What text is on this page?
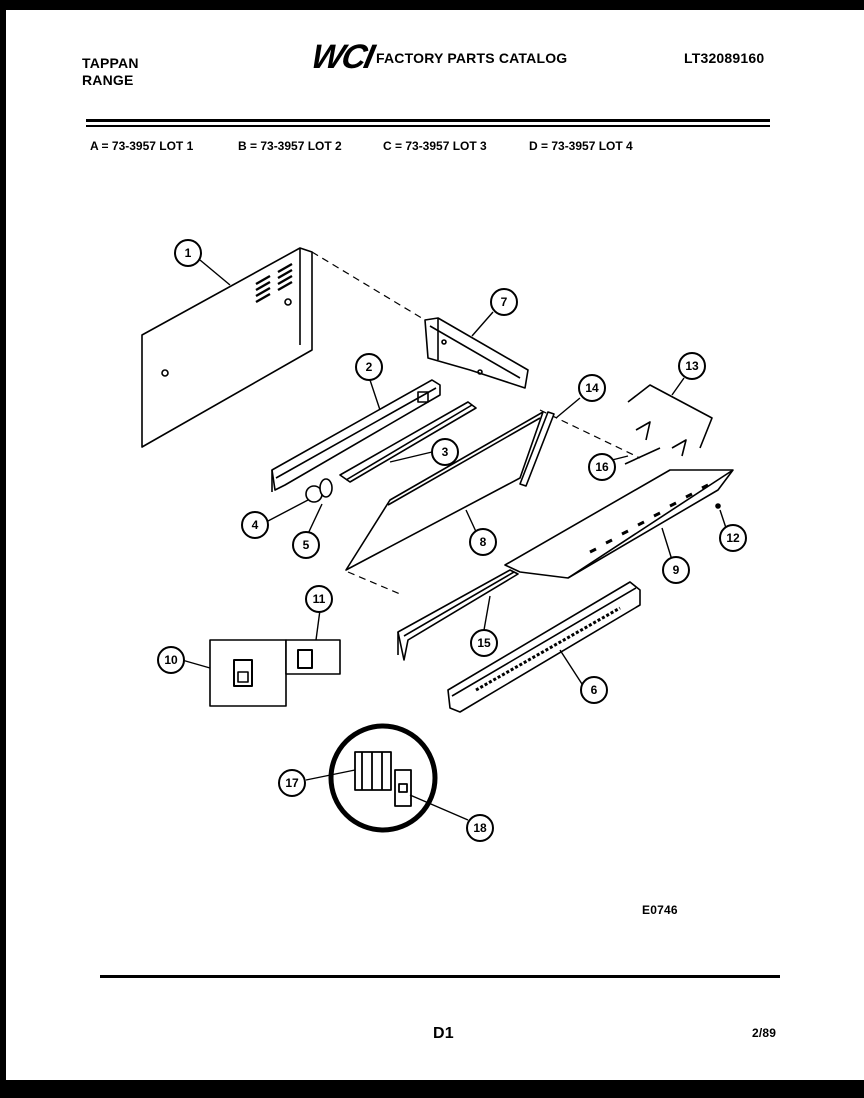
TAPPAN
RANGE
WCI FACTORY PARTS CATALOG	LT32089160
A = 73-3957 LOT 1	B = 73-3957 LOT 2	C = 73-3957 LOT 3	D = 73-3957 LOT 4
1
2
3
4
5
6
7
8
9
10
11
12
13
14
15
16
17
18
E0746
D1	2/89
